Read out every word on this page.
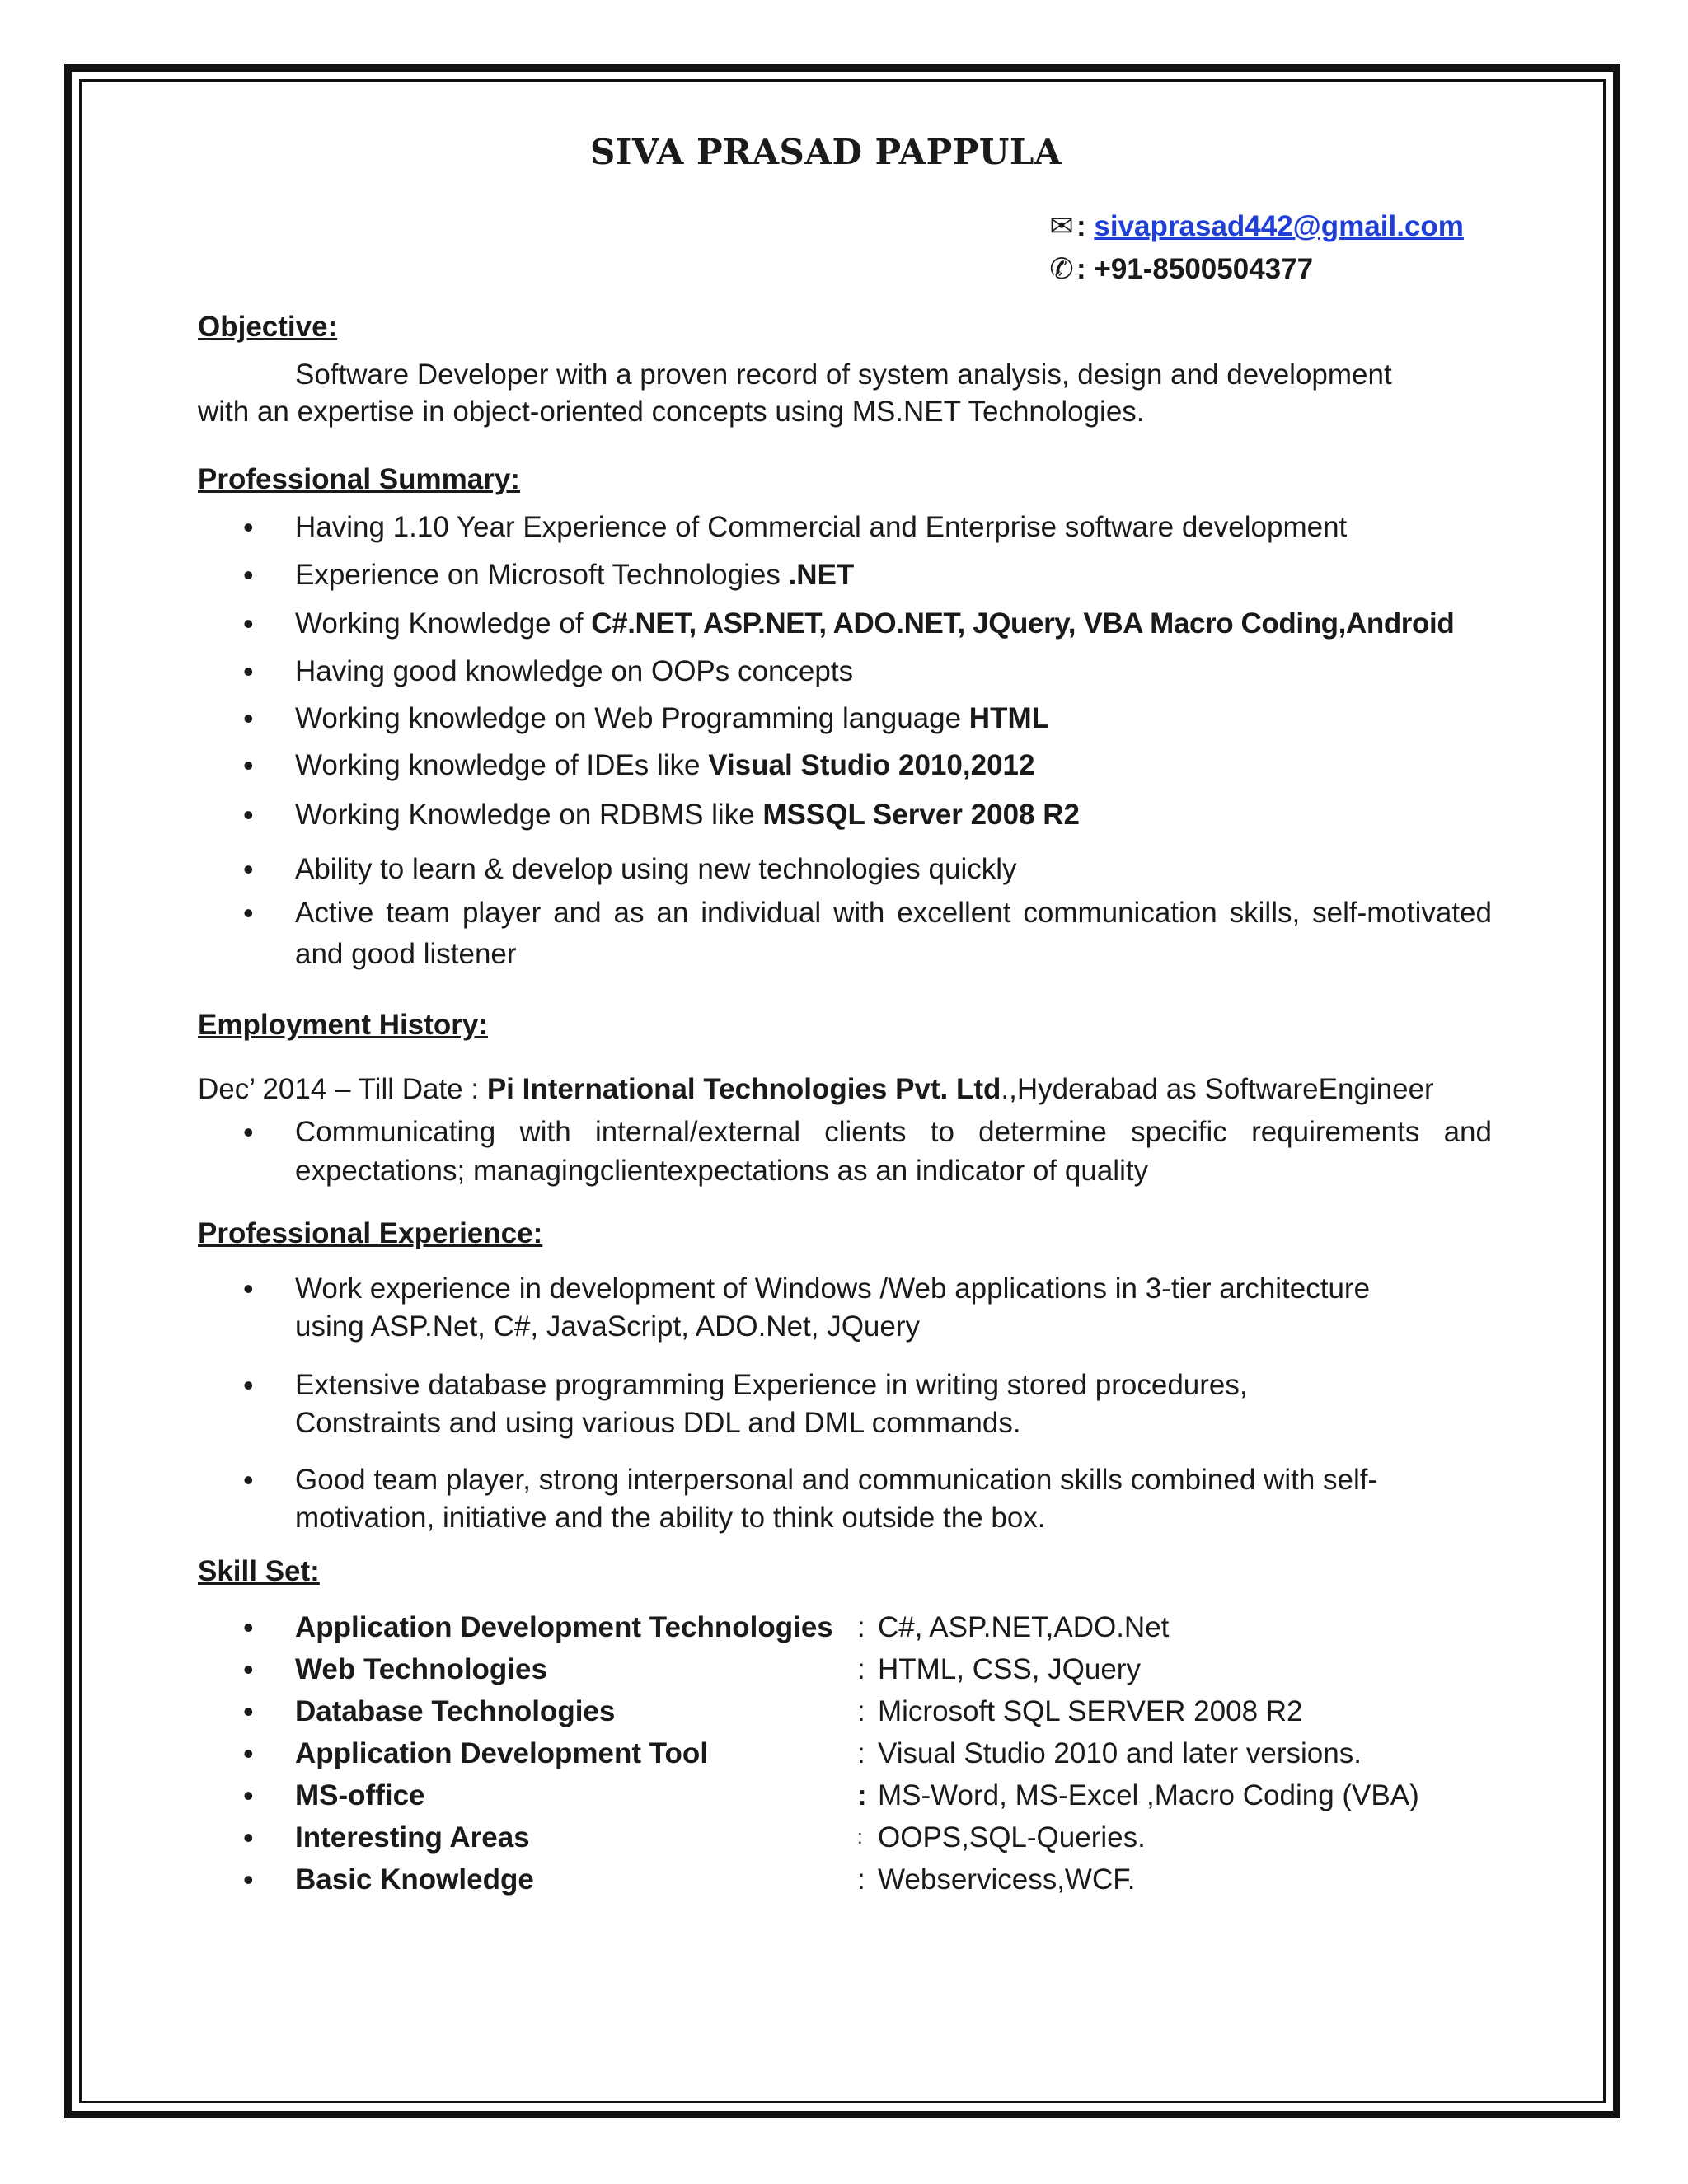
SIVA PRASAD PAPPULA
✉: sivaprasad442@gmail.com
✆: +91-8500504377
Objective:
Software Developer with a proven record of system analysis, design and development
with an expertise in object-oriented concepts using MS.NET Technologies.
Professional Summary:
• Having 1.10 Year Experience of Commercial and Enterprise software development
• Experience on Microsoft Technologies .NET
• Working Knowledge of C#.NET, ASP.NET, ADO.NET, JQuery, VBA Macro Coding,Android
• Having good knowledge on OOPs concepts
• Working knowledge on Web Programming language HTML
• Working knowledge of IDEs like Visual Studio 2010,2012
• Working Knowledge on RDBMS like MSSQL Server 2008 R2
• Ability to learn & develop using new technologies quickly
• Active team player and as an individual with excellent communication skills, self-motivated and good listener
Employment History:
Dec’ 2014 – Till Date : Pi International Technologies Pvt. Ltd.,Hyderabad as SoftwareEngineer
• Communicating with internal/external clients to determine specific requirements and expectations; managingclientexpectations as an indicator of quality
Professional Experience:
• Work experience in development of Windows /Web applications in 3-tier architecture
using ASP.Net, C#, JavaScript, ADO.Net, JQuery
• Extensive database programming Experience in writing stored procedures,
Constraints and using various DDL and DML commands.
• Good team player, strong interpersonal and communication skills combined with self-
motivation, initiative and the ability to think outside the box.
Skill Set:
• Application Development Technologies : C#, ASP.NET,ADO.Net
• Web Technologies	: HTML, CSS, JQuery
• Database Technologies	: Microsoft SQL SERVER 2008 R2
• Application Development Tool	: Visual Studio 2010 and later versions.
• MS-office	: MS-Word, MS-Excel ,Macro Coding (VBA)
• Interesting Areas	: OOPS,SQL-Queries.
• Basic Knowledge	: Webservicess,WCF.
